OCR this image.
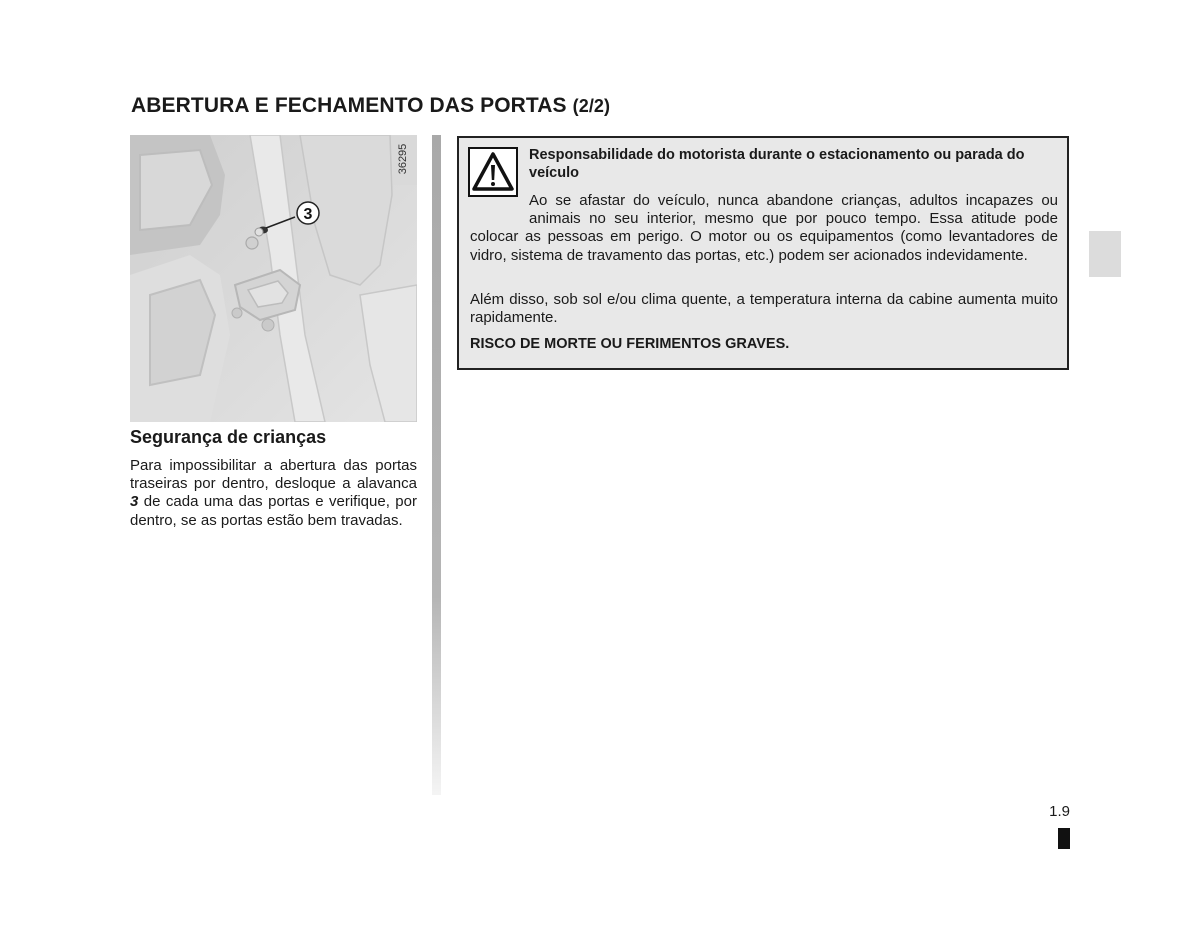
ABERTURA E FECHAMENTO DAS PORTAS (2/2)
3
36295
Segurança de crianças

Para impossibilitar a abertura das portas traseiras por dentro, desloque a alavanca 3 de cada uma das portas e verifique, por dentro, se as portas estão bem travadas.

Responsabilidade do motorista durante o estacionamento ou parada do veículo

Ao se afastar do veículo, nunca abandone crianças, adultos incapazes ou animais no seu interior, mesmo que por pouco tempo. Essa atitude pode colocar as pessoas em perigo. O motor ou os equipamentos (como levantadores de vidro, sistema de travamento das portas, etc.) podem ser acionados indevidamente.

Além disso, sob sol e/ou clima quente, a temperatura interna da cabine aumenta muito rapidamente.

RISCO DE MORTE OU FERIMENTOS GRAVES.

1.9
